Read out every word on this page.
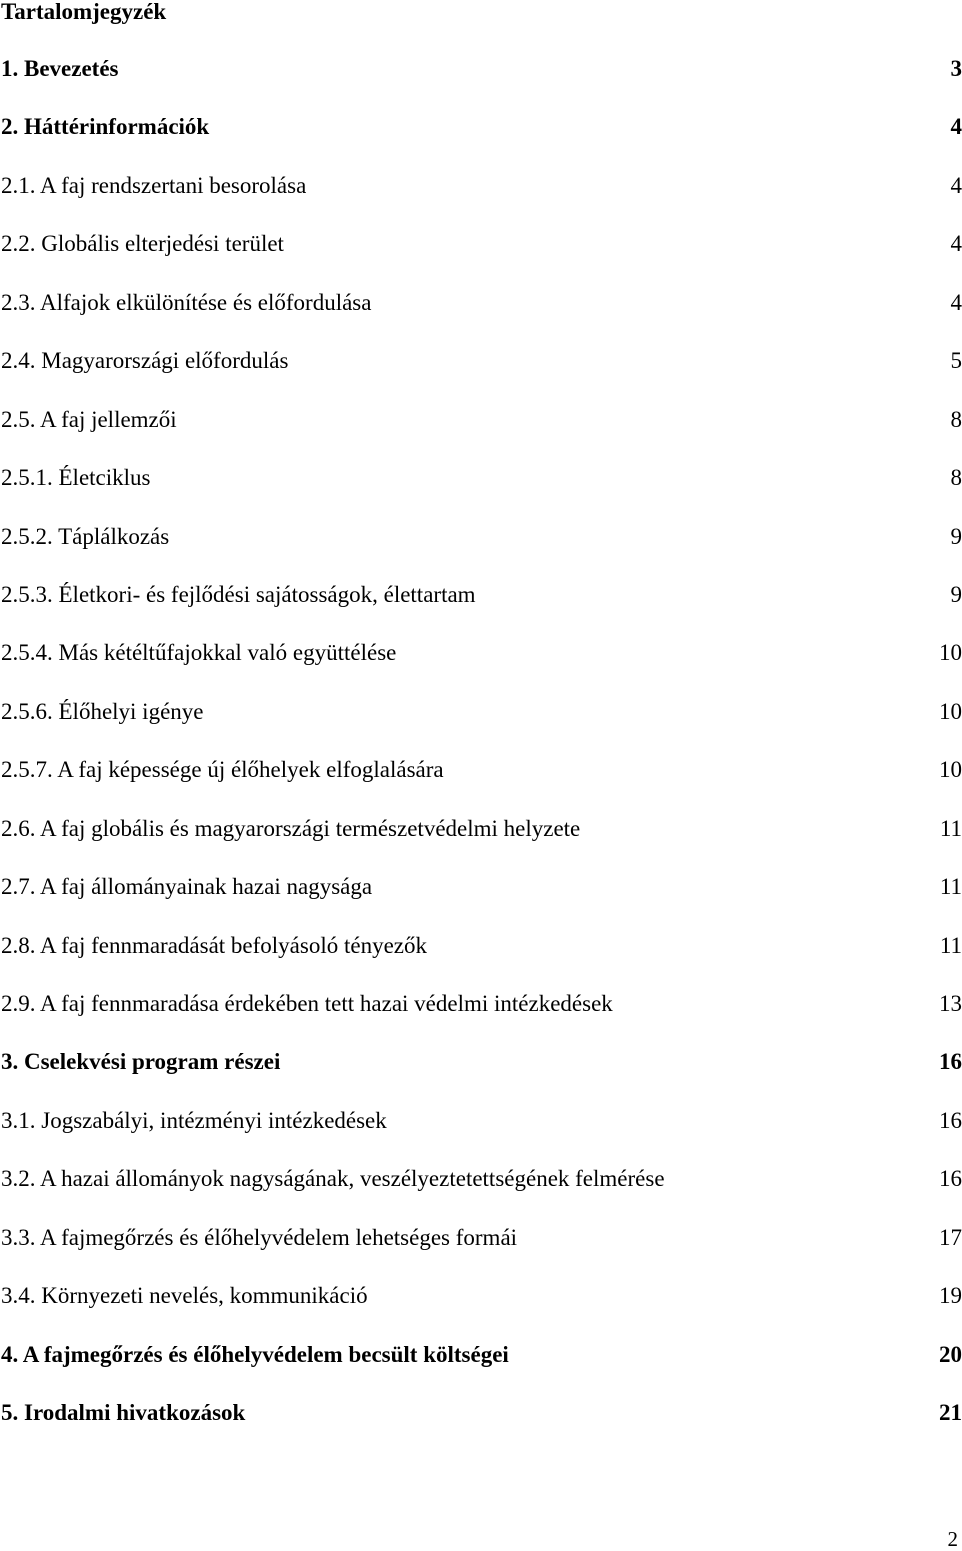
Tartalomjegyzék
1. Bevezetés	3
2. Háttérinformációk	4
2.1. A faj rendszertani besorolása	4
2.2. Globális elterjedési terület	4
2.3. Alfajok elkülönítése és előfordulása	4
2.4. Magyarországi előfordulás	5
2.5. A faj jellemzői	8
2.5.1. Életciklus	8
2.5.2. Táplálkozás	9
2.5.3. Életkori- és fejlődési sajátosságok, élettartam	9
2.5.4. Más kétéltűfajokkal való együttélése	10
2.5.6. Élőhelyi igénye	10
2.5.7. A faj képessége új élőhelyek elfoglalására	10
2.6. A faj globális és magyarországi természetvédelmi helyzete	11
2.7. A faj állományainak hazai nagysága	11
2.8. A faj fennmaradását befolyásoló tényezők	11
2.9. A faj fennmaradása érdekében tett hazai védelmi intézkedések	13
3. Cselekvési program részei	16
3.1. Jogszabályi, intézményi intézkedések	16
3.2. A hazai állományok nagyságának, veszélyeztetettségének felmérése	16
3.3. A fajmegőrzés és élőhelyvédelem lehetséges formái	17
3.4. Környezeti nevelés, kommunikáció	19
4. A fajmegőrzés és élőhelyvédelem becsült költségei	20
5. Irodalmi hivatkozások	21
2
